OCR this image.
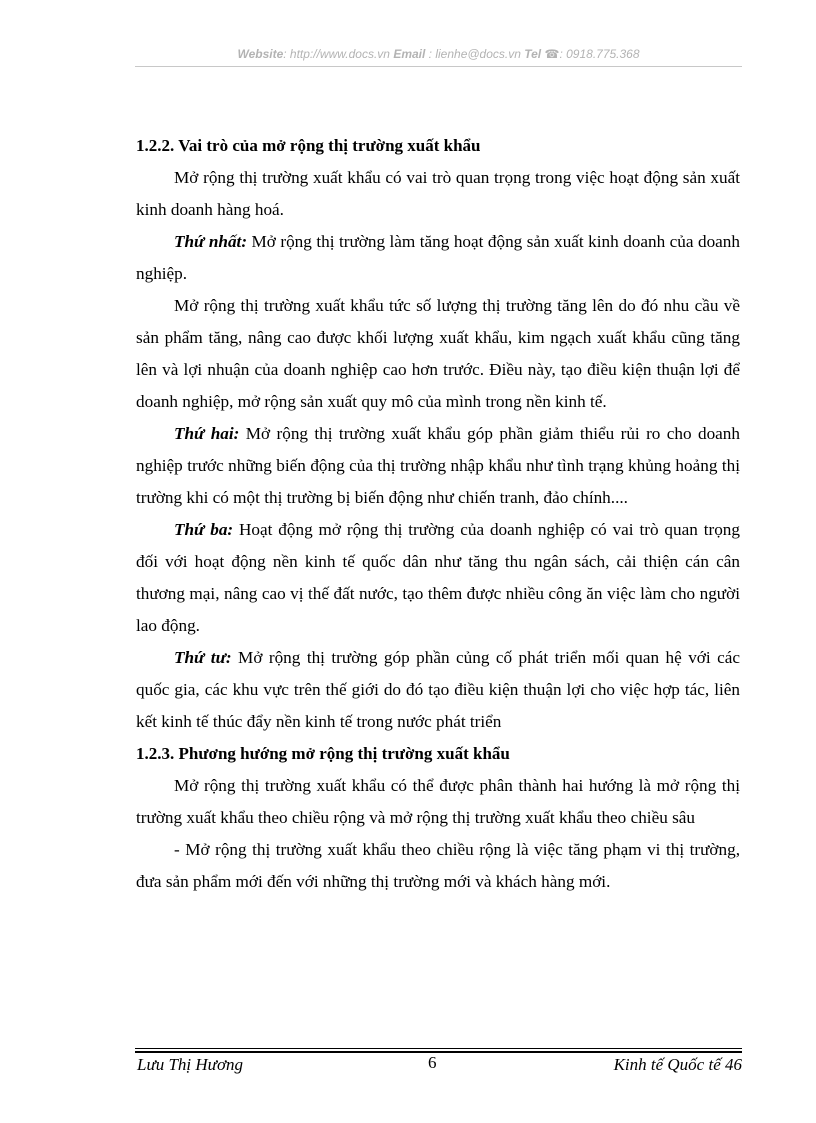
Website: http://www.docs.vn Email : lienhe@docs.vn Tel ☎: 0918.775.368

1.2.2. Vai trò của mở rộng thị trường xuất khẩu

Mở rộng thị trường xuất khẩu có vai trò quan trọng trong việc hoạt động sản xuất kinh doanh hàng hoá.

Thứ nhất: Mở rộng thị trường làm tăng hoạt động sản xuất kinh doanh của doanh nghiệp.

Mở rộng thị trường xuất khẩu tức số lượng thị trường tăng lên do đó nhu cầu về sản phẩm tăng, nâng cao được khối lượng xuất khẩu, kim ngạch xuất khẩu cũng tăng lên và lợi nhuận của doanh nghiệp cao hơn trước. Điều này, tạo điều kiện thuận lợi để doanh nghiệp, mở rộng sản xuất quy mô của mình trong nền kinh tế.

Thứ hai: Mở rộng thị trường xuất khẩu góp phần giảm thiểu rủi ro cho doanh nghiệp trước những biến động của thị trường nhập khẩu như tình trạng khủng hoảng thị trường khi có một thị trường bị biến động như chiến tranh, đảo chính....

Thứ ba: Hoạt động mở rộng thị trường của doanh nghiệp có vai trò quan trọng đối với hoạt động nền kinh tế quốc dân như tăng thu ngân sách, cải thiện cán cân thương mại, nâng cao vị thế đất nước, tạo thêm được nhiều công ăn việc làm cho người lao động.

Thứ tư: Mở rộng thị trường góp phần củng cố phát triển mối quan hệ với các quốc gia, các khu vực trên thế giới do đó tạo điều kiện thuận lợi cho việc hợp tác, liên kết kinh tế thúc đẩy nền kinh tế trong nước phát triển

1.2.3. Phương hướng mở rộng thị trường xuất khẩu

Mở rộng thị trường xuất khẩu có thể được phân thành hai hướng là mở rộng thị trường xuất khẩu theo chiều rộng và mở rộng thị trường xuất khẩu theo chiều sâu

- Mở rộng thị trường xuất khẩu theo chiều rộng là việc tăng phạm vi thị trường, đưa sản phẩm mới đến với những thị trường mới và khách hàng mới.

Lưu Thị Hương	6	Kinh tế Quốc tế 46
